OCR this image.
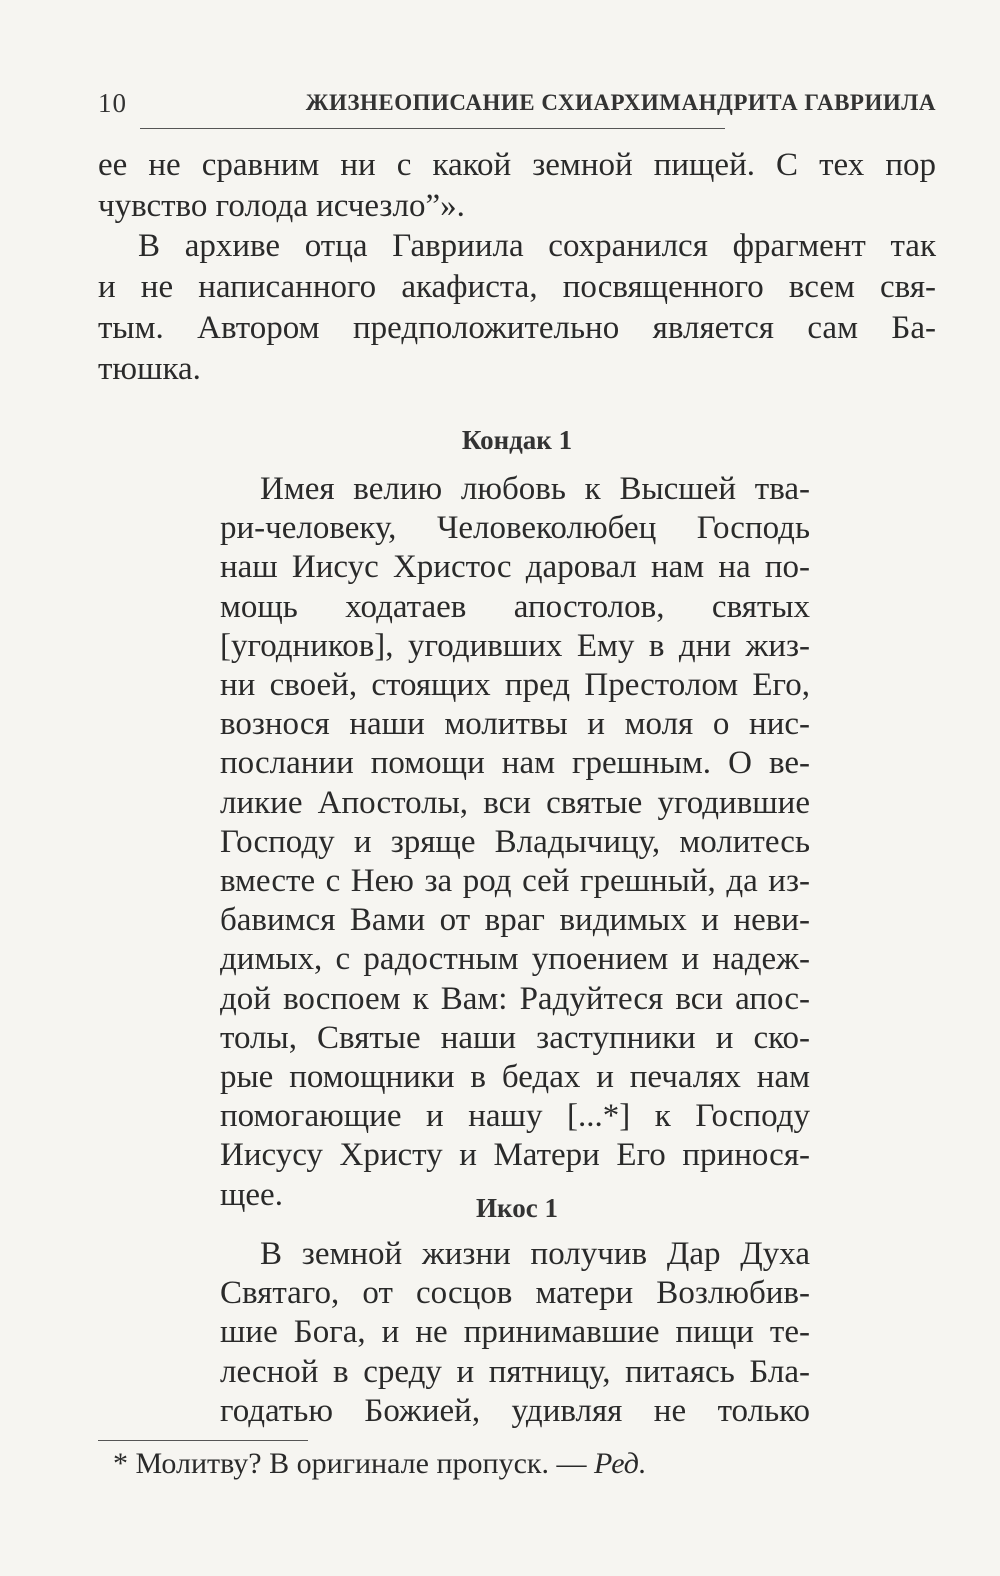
10	ЖИЗНЕОПИСАНИЕ СХИАРХИМАНДРИТА ГАВРИИЛА
ее не сравним ни с какой земной пищей. С тех пор
чувство голода исчезло”».
В архиве отца Гавриила сохранился фрагмент так
и не написанного акафиста, посвященного всем свя-
тым. Автором предположительно является сам Ба-
тюшка.
Кондак 1
Имея велию любовь к Высшей тва-
ри-человеку, Человеколюбец Господь
наш Иисус Христос даровал нам на по-
мощь ходатаев апостолов, святых
[угодников], угодивших Ему в дни жиз-
ни своей, стоящих пред Престолом Его,
вознося наши молитвы и моля о нис-
послании помощи нам грешным. О ве-
ликие Апостолы, вси святые угодившие
Господу и зряще Владычицу, молитесь
вместе с Нею за род сей грешный, да из-
бавимся Вами от враг видимых и неви-
димых, с радостным упоением и надеж-
дой воспоем к Вам: Радуйтеся вси апос-
толы, Святые наши заступники и ско-
рые помощники в бедах и печалях нам
помогающие и нашу [...*] к Господу
Иисусу Христу и Матери Его принося-
щее.	Икос 1
В земной жизни получив Дар Духа
Святаго, от сосцов матери Возлюбив-
шие Бога, и не принимавшие пищи те-
лесной в среду и пятницу, питаясь Бла-
годатью Божией, удивляя не только
* Молитву? В оригинале пропуск. — Ред.
